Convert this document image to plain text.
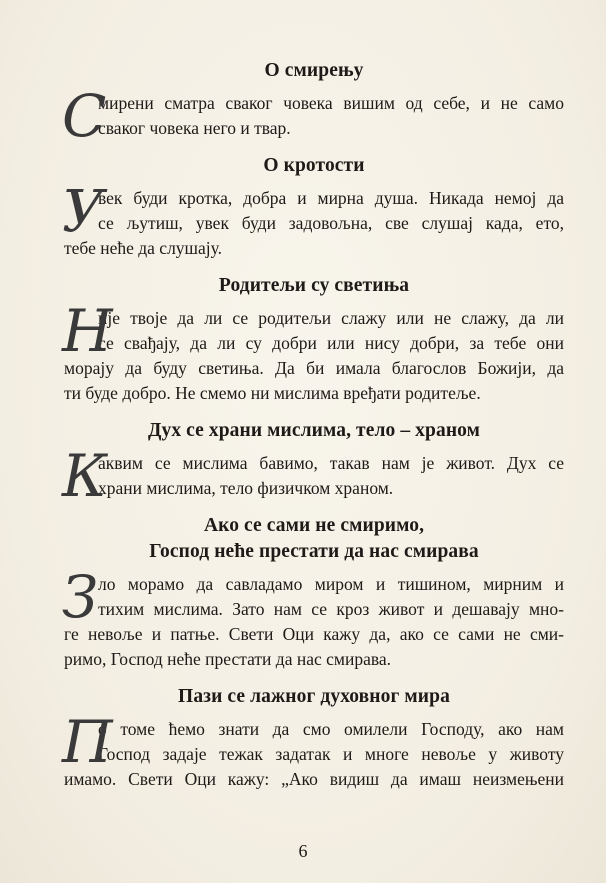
О смирењу
С
мирени сматра сваког човека вишим од себе, и не само
сваког човека него и твар.
О кротости
У
век буди кротка, добра и мирна душа. Никада немој да
се љутиш, увек буди задовољна, све слушај када, ето,
тебе неће да слушају.
Родитељи су светиња
Н
ије твоје да ли се родитељи слажу или не слажу, да ли
се свађају, да ли су добри или нису добри, за тебе они
морају да буду светиња. Да би имала благослов Божији, да
ти буде добро. Не смемо ни мислима вређати родитеље.
Дух се храни мислима, тело – храном
К
аквим се мислима бавимо, такав нам је живот. Дух се
храни мислима, тело физичком храном.
Ако се сами не смиримо,
Господ неће престати да нас смирава
З ло морамо да савладамо миром и тишином, мирним и
тихим мислима. Зато нам се кроз живот и дешавају мно-
ге невоље и патње. Свети Оци кажу да, ако се сами не сми-
римо, Господ неће престати да нас смирава.
Пази се лажног духовног мира
П
о томе ћемо знати да смо омилели Господу, ако нам
Господ задаје тежак задатак и многе невоље у животу
имамо. Свети Оци кажу: „Ако видиш да имаш неизмењени
6
